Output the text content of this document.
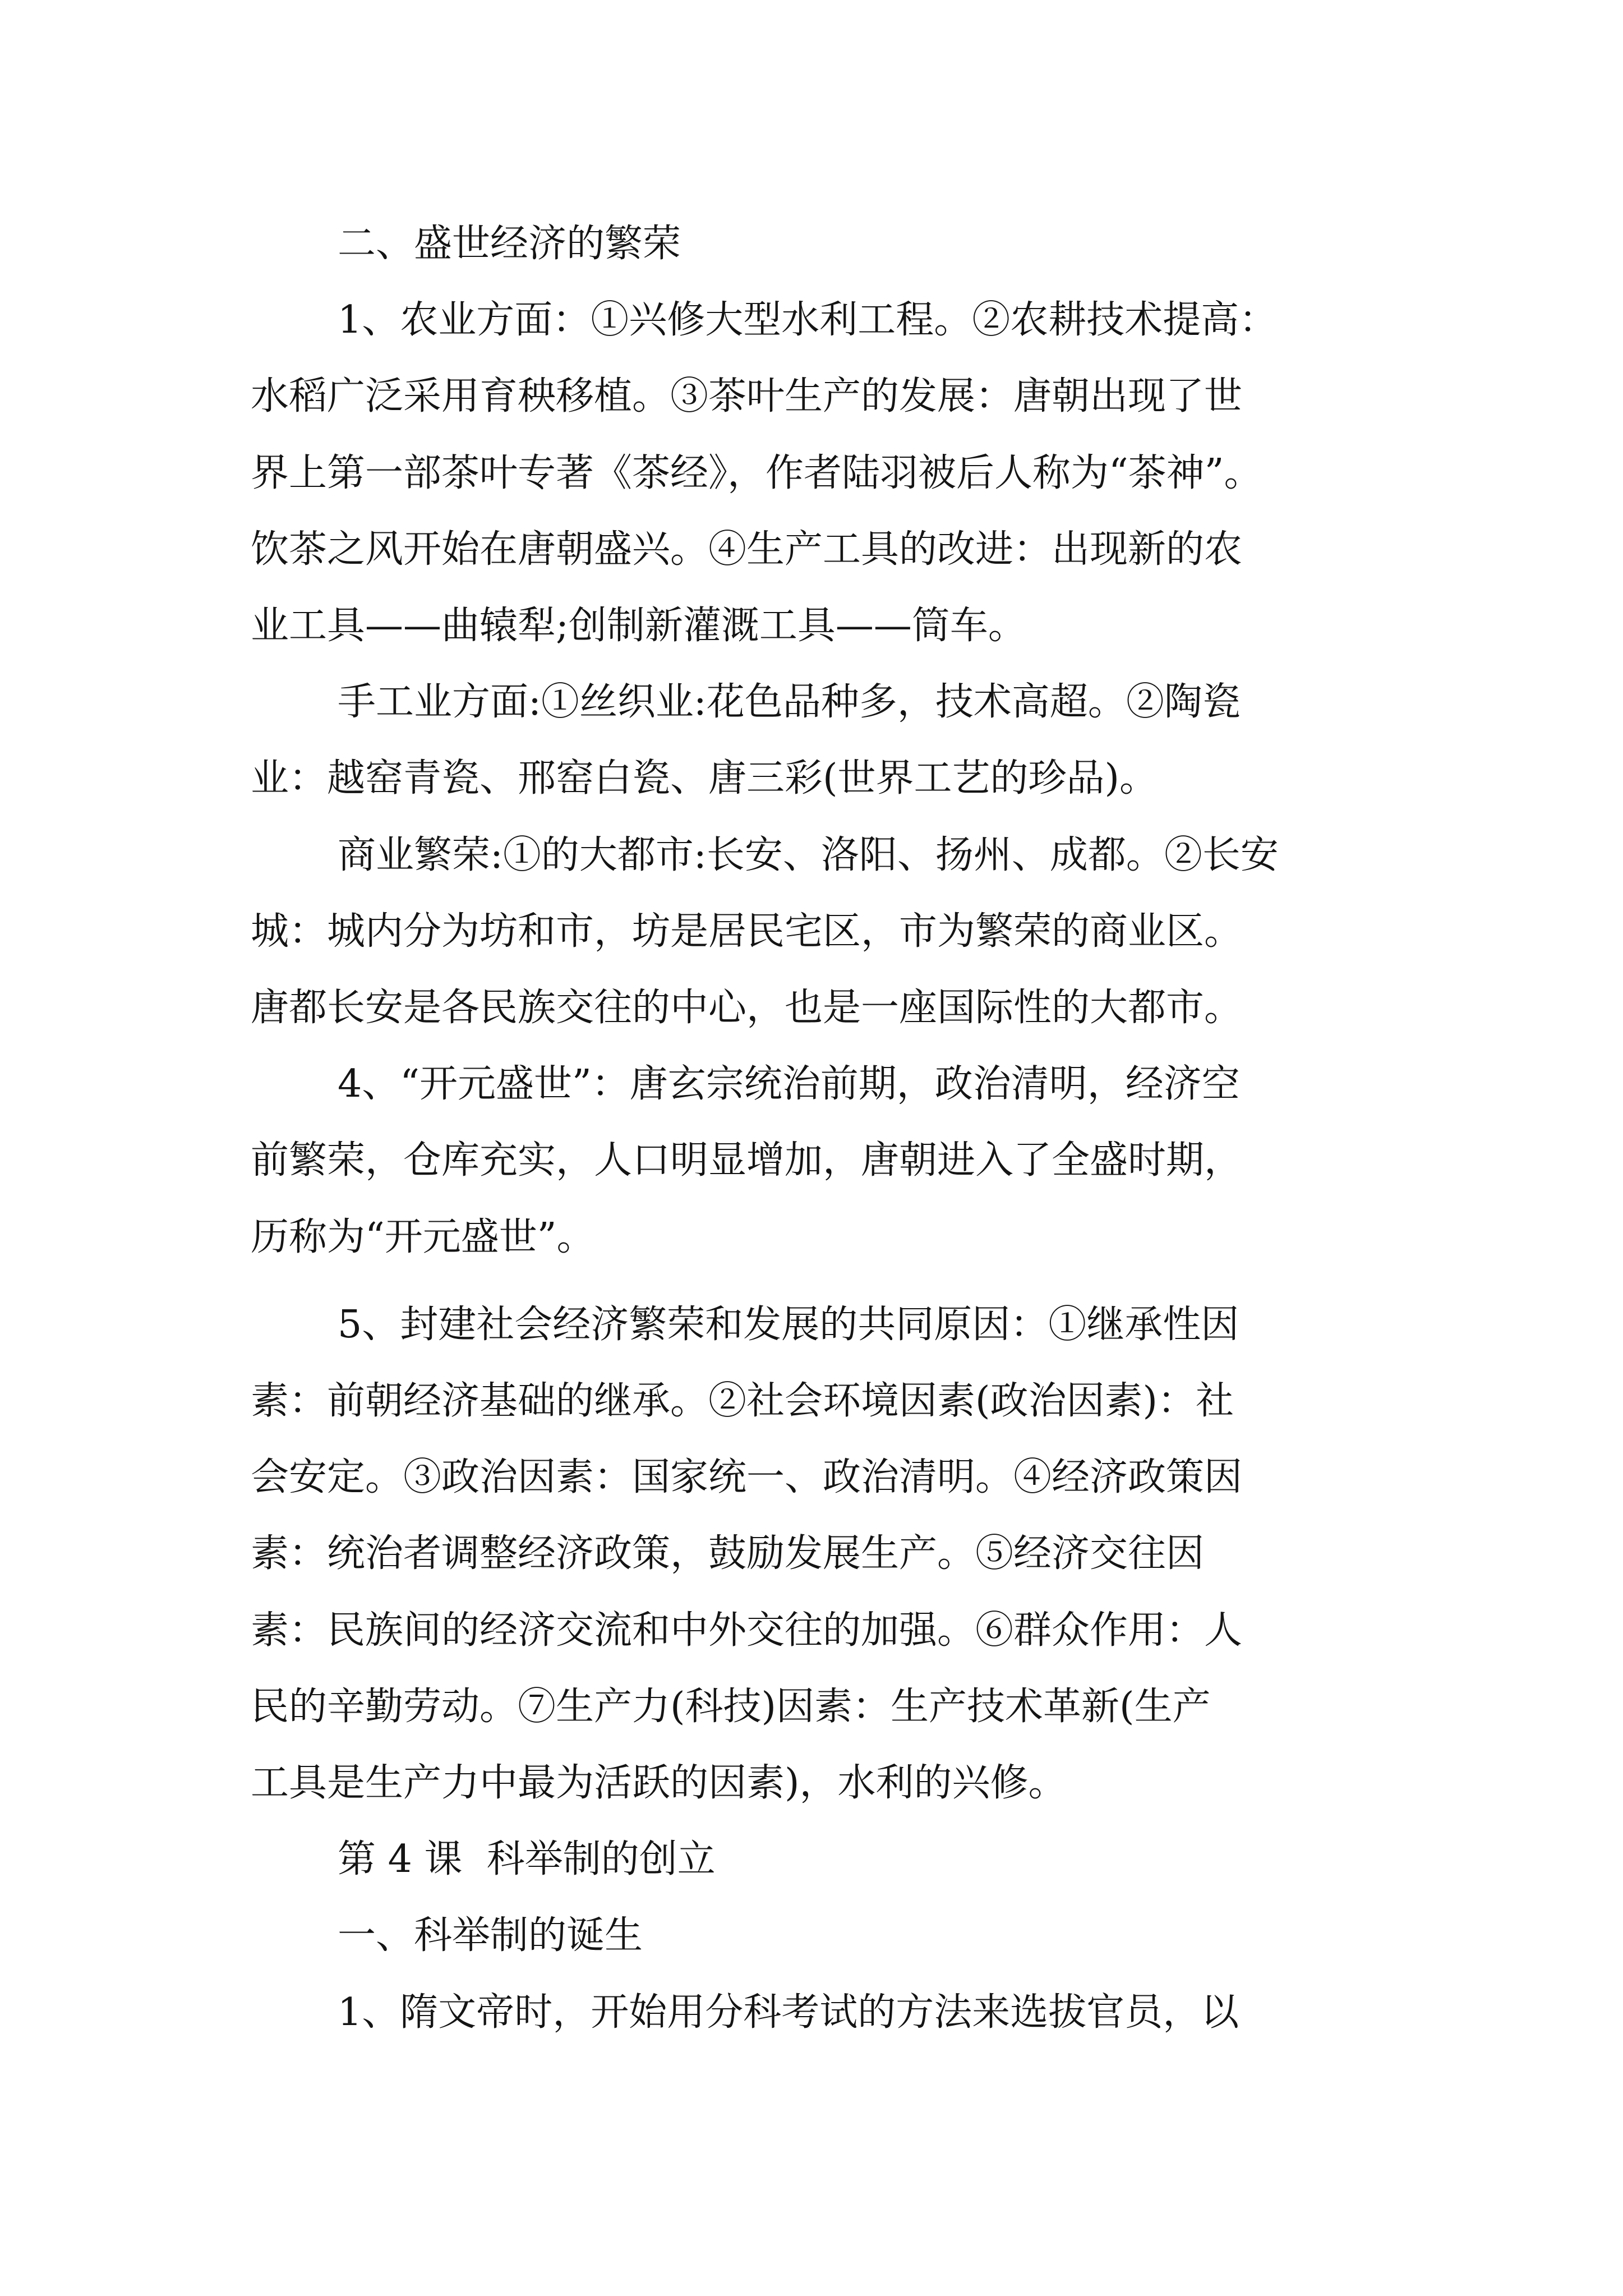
二、盛世经济的繁荣

1、农业方面：①兴修大型水利工程。②农耕技术提高：

水稻广泛采用育秧移植。③茶叶生产的发展：唐朝出现了世

界上第一部茶叶专著《茶经》，作者陆羽被后人称为“茶神”。

饮茶之风开始在唐朝盛兴。④生产工具的改进：出现新的农

业工具——曲辕犁;创制新灌溉工具——筒车。

手工业方面:①丝织业:花色品种多，技术高超。②陶瓷

业：越窑青瓷、邢窑白瓷、唐三彩(世界工艺的珍品)。

商业繁荣:①的大都市:长安、洛阳、扬州、成都。②长安

城：城内分为坊和市，坊是居民宅区，市为繁荣的商业区。

唐都长安是各民族交往的中心，也是一座国际性的大都市。

4、“开元盛世”：唐玄宗统治前期，政治清明，经济空

前繁荣，仓库充实，人口明显增加，唐朝进入了全盛时期，

历称为“开元盛世”。

5、封建社会经济繁荣和发展的共同原因：①继承性因

素：前朝经济基础的继承。②社会环境因素(政治因素)：社

会安定。③政治因素：国家统一、政治清明。④经济政策因

素：统治者调整经济政策，鼓励发展生产。⑤经济交往因

素：民族间的经济交流和中外交往的加强。⑥群众作用：人

民的辛勤劳动。⑦生产力(科技)因素：生产技术革新(生产

工具是生产力中最为活跃的因素)，水利的兴修。

第 4 课  科举制的创立

一、科举制的诞生

1、隋文帝时，开始用分科考试的方法来选拔官员，以
